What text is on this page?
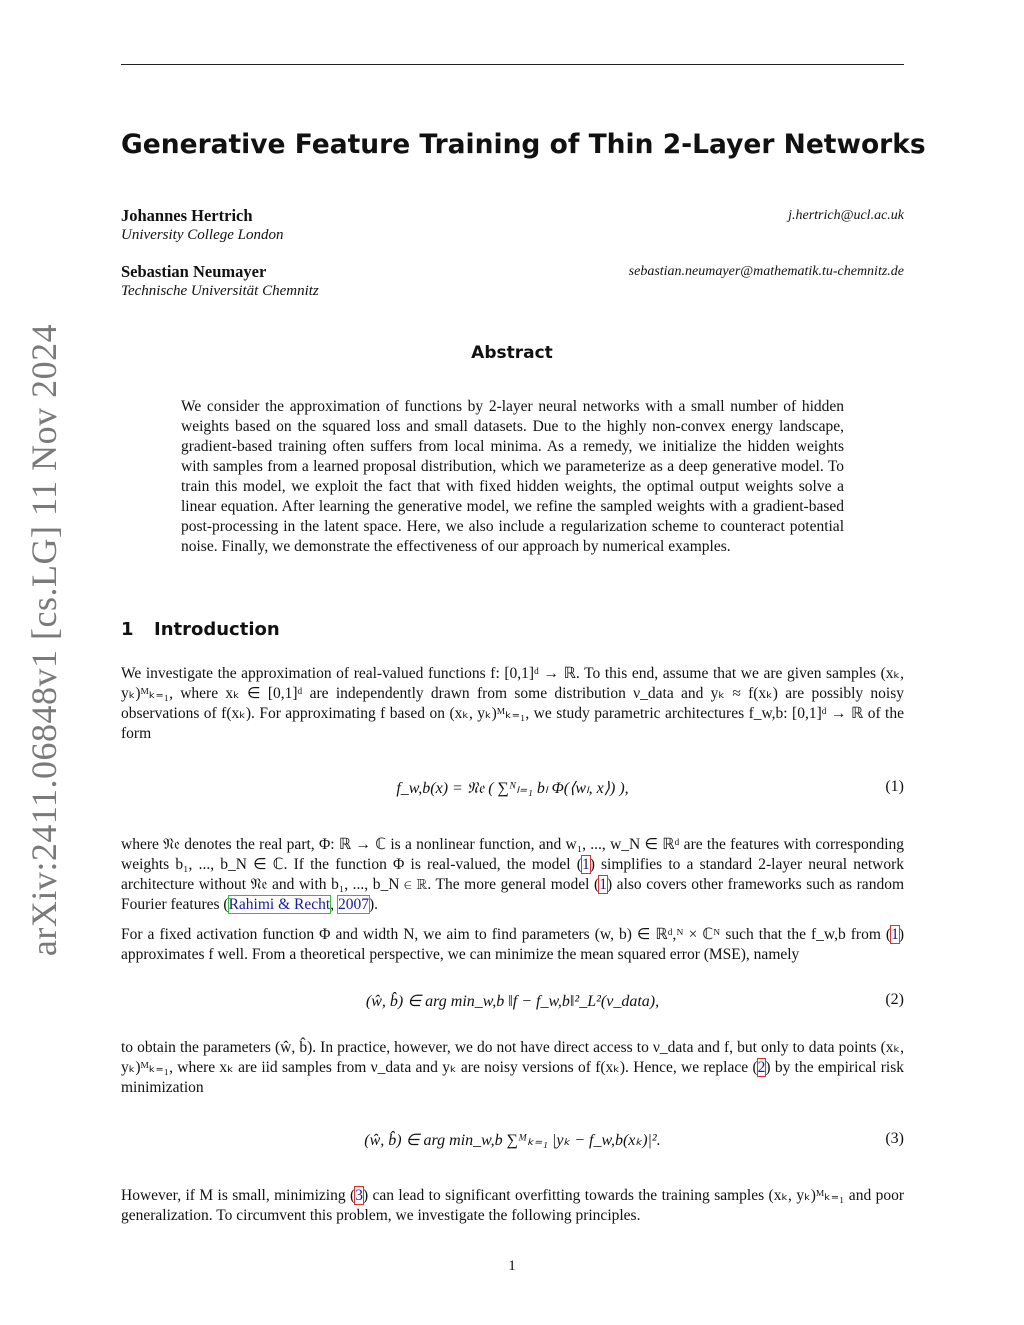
arXiv:2411.06848v1 [cs.LG] 11 Nov 2024
Generative Feature Training of Thin 2-Layer Networks
Johannes Hertrich
University College London
j.hertrich@ucl.ac.uk
Sebastian Neumayer
Technische Universität Chemnitz
sebastian.neumayer@mathematik.tu-chemnitz.de
Abstract

We consider the approximation of functions by 2-layer neural networks with a small number of hidden weights based on the squared loss and small datasets. Due to the highly non-convex energy landscape, gradient-based training often suffers from local minima. As a remedy, we initialize the hidden weights with samples from a learned proposal distribution, which we parameterize as a deep generative model. To train this model, we exploit the fact that with fixed hidden weights, the optimal output weights solve a linear equation. After learning the generative model, we refine the sampled weights with a gradient-based post-processing in the latent space. Here, we also include a regularization scheme to counteract potential noise. Finally, we demonstrate the effectiveness of our approach by numerical examples.

1 Introduction

We investigate the approximation of real-valued functions f: [0,1]ᵈ → ℝ. To this end, assume that we are given samples (xₖ, yₖ)ᴹₖ₌₁, where xₖ ∈ [0,1]ᵈ are independently drawn from some distribution ν_data and yₖ ≈ f(xₖ) are possibly noisy observations of f(xₖ). For approximating f based on (xₖ, yₖ)ᴹₖ₌₁, we study parametric architectures f_w,b: [0,1]ᵈ → ℝ of the form

f_w,b(x) = 𝔑𝔢 ( ∑ᴺₗ₌₁ bₗ Φ(⟨wₗ, x⟩) ),	(1)

where 𝔑𝔢 denotes the real part, Φ: ℝ → ℂ is a nonlinear function, and w₁, ..., w_N ∈ ℝᵈ are the features with corresponding weights b₁, ..., b_N ∈ ℂ. If the function Φ is real-valued, the model (1) simplifies to a standard 2-layer neural network architecture without 𝔑𝔢 and with b₁, ..., b_N ∈ ℝ. The more general model (1) also covers other frameworks such as random Fourier features (Rahimi & Recht, 2007).

For a fixed activation function Φ and width N, we aim to find parameters (w, b) ∈ ℝᵈ,ᴺ × ℂᴺ such that the f_w,b from (1) approximates f well. From a theoretical perspective, we can minimize the mean squared error (MSE), namely

(ŵ, b̂) ∈ arg min_w,b ‖f − f_w,b‖²_L²(ν_data),	(2)

to obtain the parameters (ŵ, b̂). In practice, however, we do not have direct access to ν_data and f, but only to data points (xₖ, yₖ)ᴹₖ₌₁, where xₖ are iid samples from ν_data and yₖ are noisy versions of f(xₖ). Hence, we replace (2) by the empirical risk minimization

(ŵ, b̂) ∈ arg min_w,b ∑ᴹₖ₌₁ |yₖ − f_w,b(xₖ)|².	(3)

However, if M is small, minimizing (3) can lead to significant overfitting towards the training samples (xₖ, yₖ)ᴹₖ₌₁ and poor generalization. To circumvent this problem, we investigate the following principles.

1
